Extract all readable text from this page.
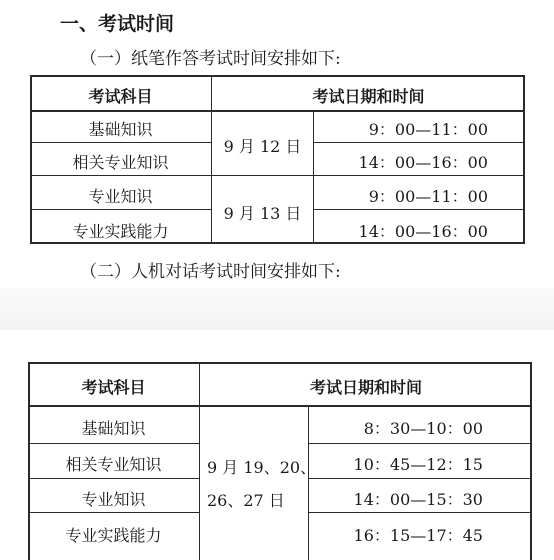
一、考试时间
（一）纸笔作答考试时间安排如下:
考试科目	考试日期和时间
基础知识
相关专业知识
专业知识
专业实践能力
9 月 12 日
9 月 13 日
9：00—11：00
14：00—16：00
9：00—11：00
14：00—16：00
（二）人机对话考试时间安排如下:
考试科目	考试日期和时间
基础知识
相关专业知识
专业知识
专业实践能力
9 月 19、20、
26、27 日
8：30—10：00
10：45—12：15
14：00—15：30
16：15—17：45
